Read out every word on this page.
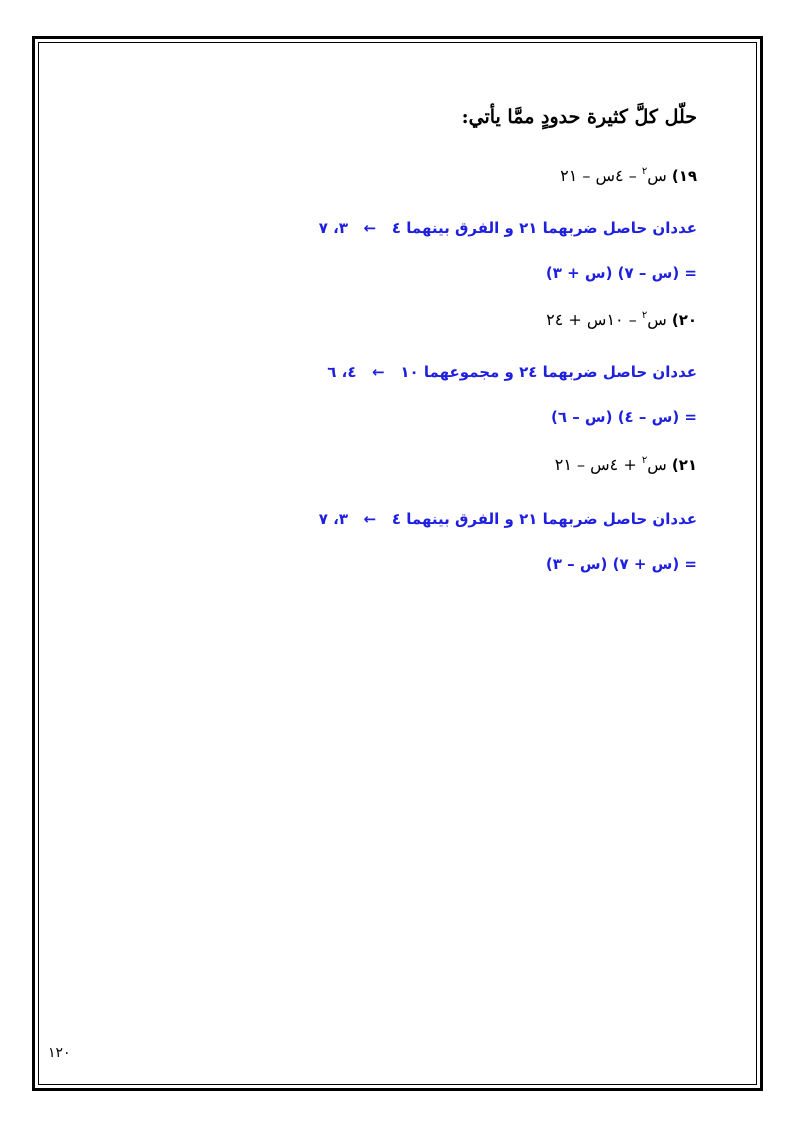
حلّل كلَّ كثيرة حدودٍ ممَّا يأتي:
١٩) س$^٢$ – ٤س – ٢١
عددان حاصل ضربهما ٢١ و الفرق بينهما ٤   ←   ٣، ٧
= (س – ٧) (س + ٣)
٢٠) س$^٢$ – ١٠س + ٢٤
عددان حاصل ضربهما ٢٤ و مجموعهما ١٠   ←   ٤، ٦
= (س – ٤) (س – ٦)
٢١) س$^٢$ + ٤س – ٢١
عددان حاصل ضربهما ٢١ و الفرق بينهما ٤   ←   ٣، ٧
= (س + ٧) (س – ٣)
١٢٠
